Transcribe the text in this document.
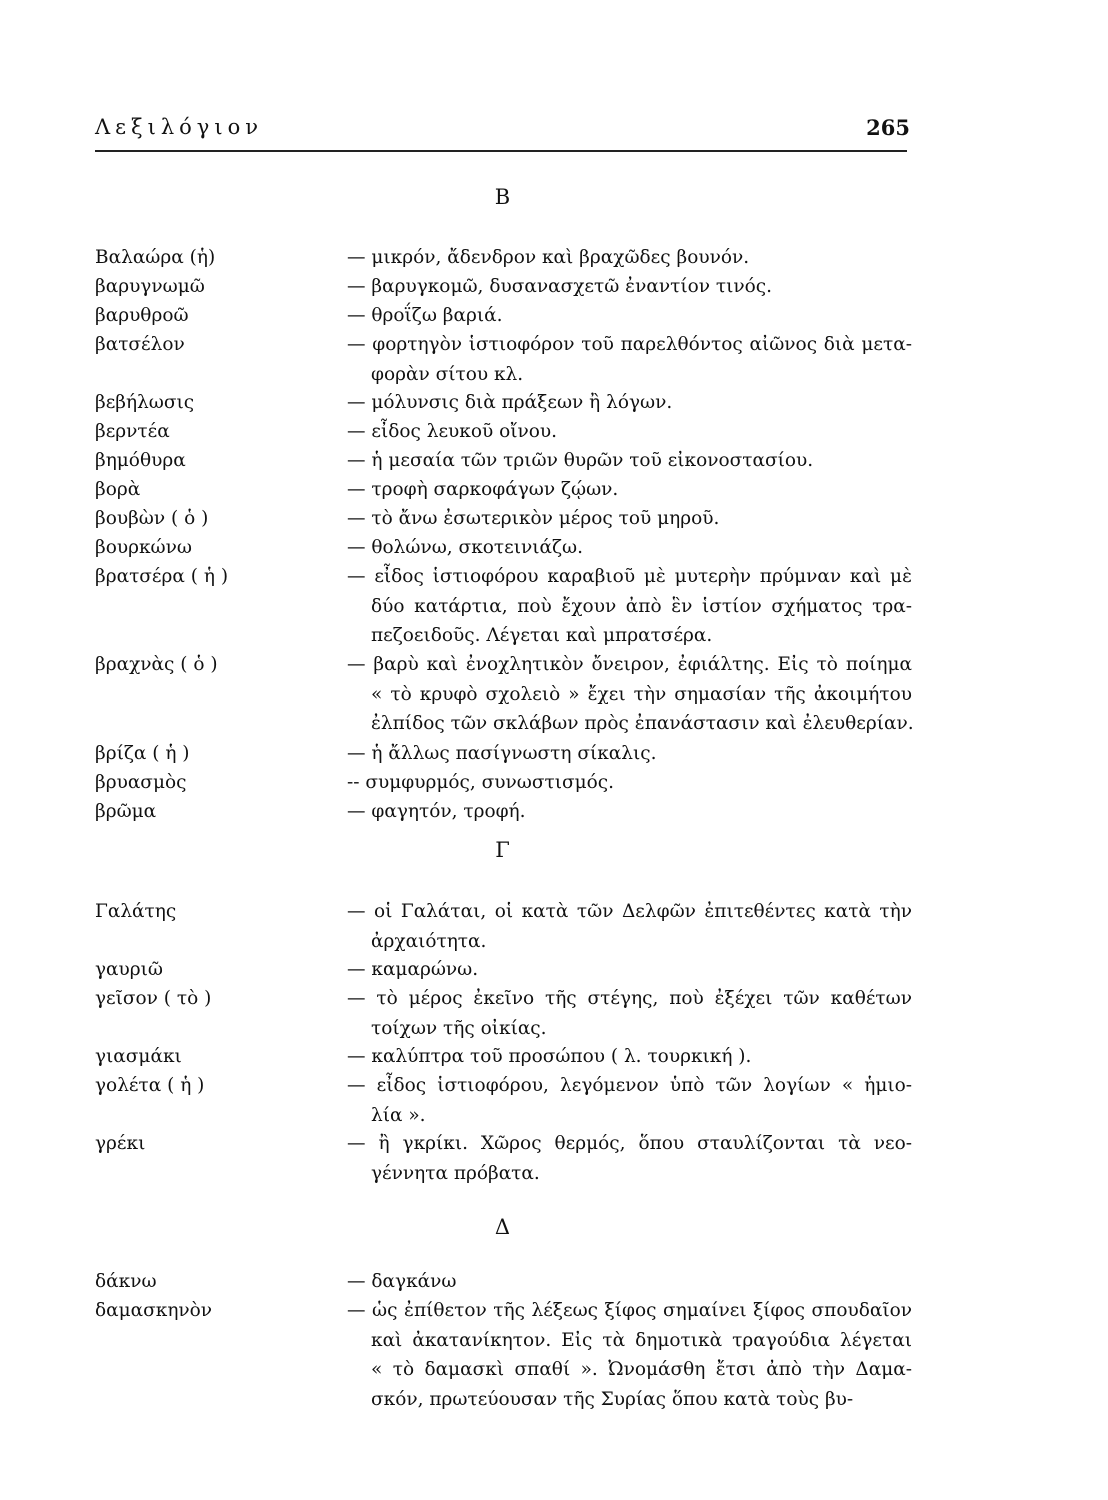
Λεξιλόγιον	265
Β
Βαλαώρα (ἡ)	— μικρόν, ἄδενδρον καὶ βραχῶδες βουνόν.
βαρυγνωμῶ	— βαρυγκομῶ, δυσανασχετῶ ἐναντίον τινός.
βαρυθροῶ	— θροΐζω βαριά.
βατσέλον	— φορτηγὸν ἱστιοφόρον τοῦ παρελθόντος αἰῶνος διὰ μετα-
φορὰν σίτου κλ.
βεβήλωσις	— μόλυνσις διὰ πράξεων ἢ λόγων.
βερντέα	— εἶδος λευκοῦ οἴνου.
βημόθυρα	— ἡ μεσαία τῶν τριῶν θυρῶν τοῦ εἰκονοστασίου.
βορὰ	— τροφὴ σαρκοφάγων ζῴων.
βουβὼν ( ὁ )	— τὸ ἄνω ἐσωτερικὸν μέρος τοῦ μηροῦ.
βουρκώνω	— θολώνω, σκοτεινιάζω.
βρατσέρα ( ἡ )	— εἶδος ἱστιοφόρου καραβιοῦ μὲ μυτερὴν πρύμναν καὶ μὲ
δύο κατάρτια, ποὺ ἔχουν ἀπὸ ἓν ἱστίον σχήματος τρα-
πεζοειδοῦς. Λέγεται καὶ μπρατσέρα.
βραχνὰς ( ὁ )	— βαρὺ καὶ ἐνοχλητικὸν ὄνειρον, ἐφιάλτης. Εἰς τὸ ποίημα
« τὸ κρυφὸ σχολειὸ » ἔχει τὴν σημασίαν τῆς ἀκοιμήτου
ἐλπίδος τῶν σκλάβων πρὸς ἐπανάστασιν καὶ ἐλευθερίαν.
βρίζα ( ἡ )	— ἡ ἄλλως πασίγνωστη σίκαλις.
βρυασμὸς	-- συμφυρμός, συνωστισμός.
βρῶμα	— φαγητόν, τροφή.
Γ
Γαλάτης	— οἱ Γαλάται, οἱ κατὰ τῶν Δελφῶν ἐπιτεθέντες κατὰ τὴν
ἀρχαιότητα.
γαυριῶ	— καμαρώνω.
γεῖσον ( τὸ )	— τὸ μέρος ἐκεῖνο τῆς στέγης, ποὺ ἐξέχει τῶν καθέτων
τοίχων τῆς οἰκίας.
γιασμάκι	— καλύπτρα τοῦ προσώπου ( λ. τουρκική ).
γολέτα ( ἡ )	— εἶδος ἱστιοφόρου, λεγόμενον ὑπὸ τῶν λογίων « ἡμιο-
λία ».
γρέκι	— ἢ γκρίκι. Χῶρος θερμός, ὅπου σταυλίζονται τὰ νεο-
γέννητα πρόβατα.
Δ
δάκνω	— δαγκάνω
δαμασκηνὸν	— ὡς ἐπίθετον τῆς λέξεως ξίφος σημαίνει ξίφος σπουδαῖον
καὶ ἀκατανίκητον. Εἰς τὰ δημοτικὰ τραγούδια λέγεται
« τὸ δαμασκὶ σπαθί ». Ὠνομάσθη ἔτσι ἀπὸ τὴν Δαμα-
σκόν, πρωτεύουσαν τῆς Συρίας ὅπου κατὰ τοὺς βυ-
